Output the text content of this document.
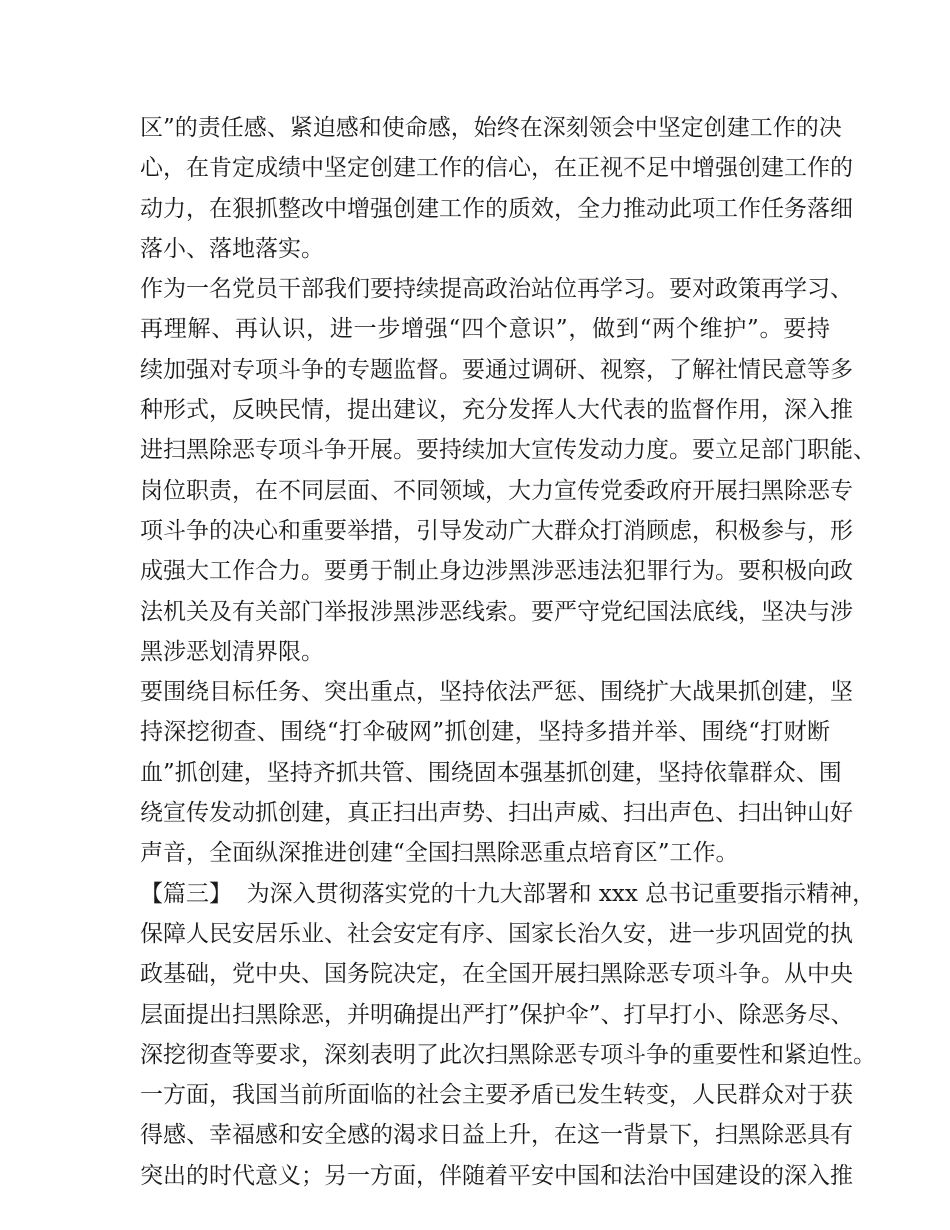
区”的责任感、紧迫感和使命感，始终在深刻领会中坚定创建工作的决
心，在肯定成绩中坚定创建工作的信心，在正视不足中增强创建工作的
动力，在狠抓整改中增强创建工作的质效，全力推动此项工作任务落细
落小、落地落实。
作为一名党员干部我们要持续提高政治站位再学习。要对政策再学习、
再理解、再认识，进一步增强“四个意识”，做到“两个维护”。要持
续加强对专项斗争的专题监督。要通过调研、视察，了解社情民意等多
种形式，反映民情，提出建议，充分发挥人大代表的监督作用，深入推
进扫黑除恶专项斗争开展。要持续加大宣传发动力度。要立足部门职能、
岗位职责，在不同层面、不同领域，大力宣传党委政府开展扫黑除恶专
项斗争的决心和重要举措，引导发动广大群众打消顾虑，积极参与，形
成强大工作合力。要勇于制止身边涉黑涉恶违法犯罪行为。要积极向政
法机关及有关部门举报涉黑涉恶线索。要严守党纪国法底线，坚决与涉
黑涉恶划清界限。
要围绕目标任务、突出重点，坚持依法严惩、围绕扩大战果抓创建，坚
持深挖彻查、围绕“打伞破网”抓创建，坚持多措并举、围绕“打财断
血”抓创建，坚持齐抓共管、围绕固本强基抓创建，坚持依靠群众、围
绕宣传发动抓创建，真正扫出声势、扫出声威、扫出声色、扫出钟山好
声音，全面纵深推进创建“全国扫黑除恶重点培育区”工作。
【篇三】  为深入贯彻落实党的十九大部署和 xxx 总书记重要指示精神，
保障人民安居乐业、社会安定有序、国家长治久安，进一步巩固党的执
政基础，党中央、国务院决定，在全国开展扫黑除恶专项斗争。从中央
层面提出扫黑除恶，并明确提出严打”保护伞”、打早打小、除恶务尽、
深挖彻查等要求，深刻表明了此次扫黑除恶专项斗争的重要性和紧迫性。
一方面，我国当前所面临的社会主要矛盾已发生转变，人民群众对于获
得感、幸福感和安全感的渴求日益上升，在这一背景下，扫黑除恶具有
突出的时代意义；另一方面，伴随着平安中国和法治中国建设的深入推
